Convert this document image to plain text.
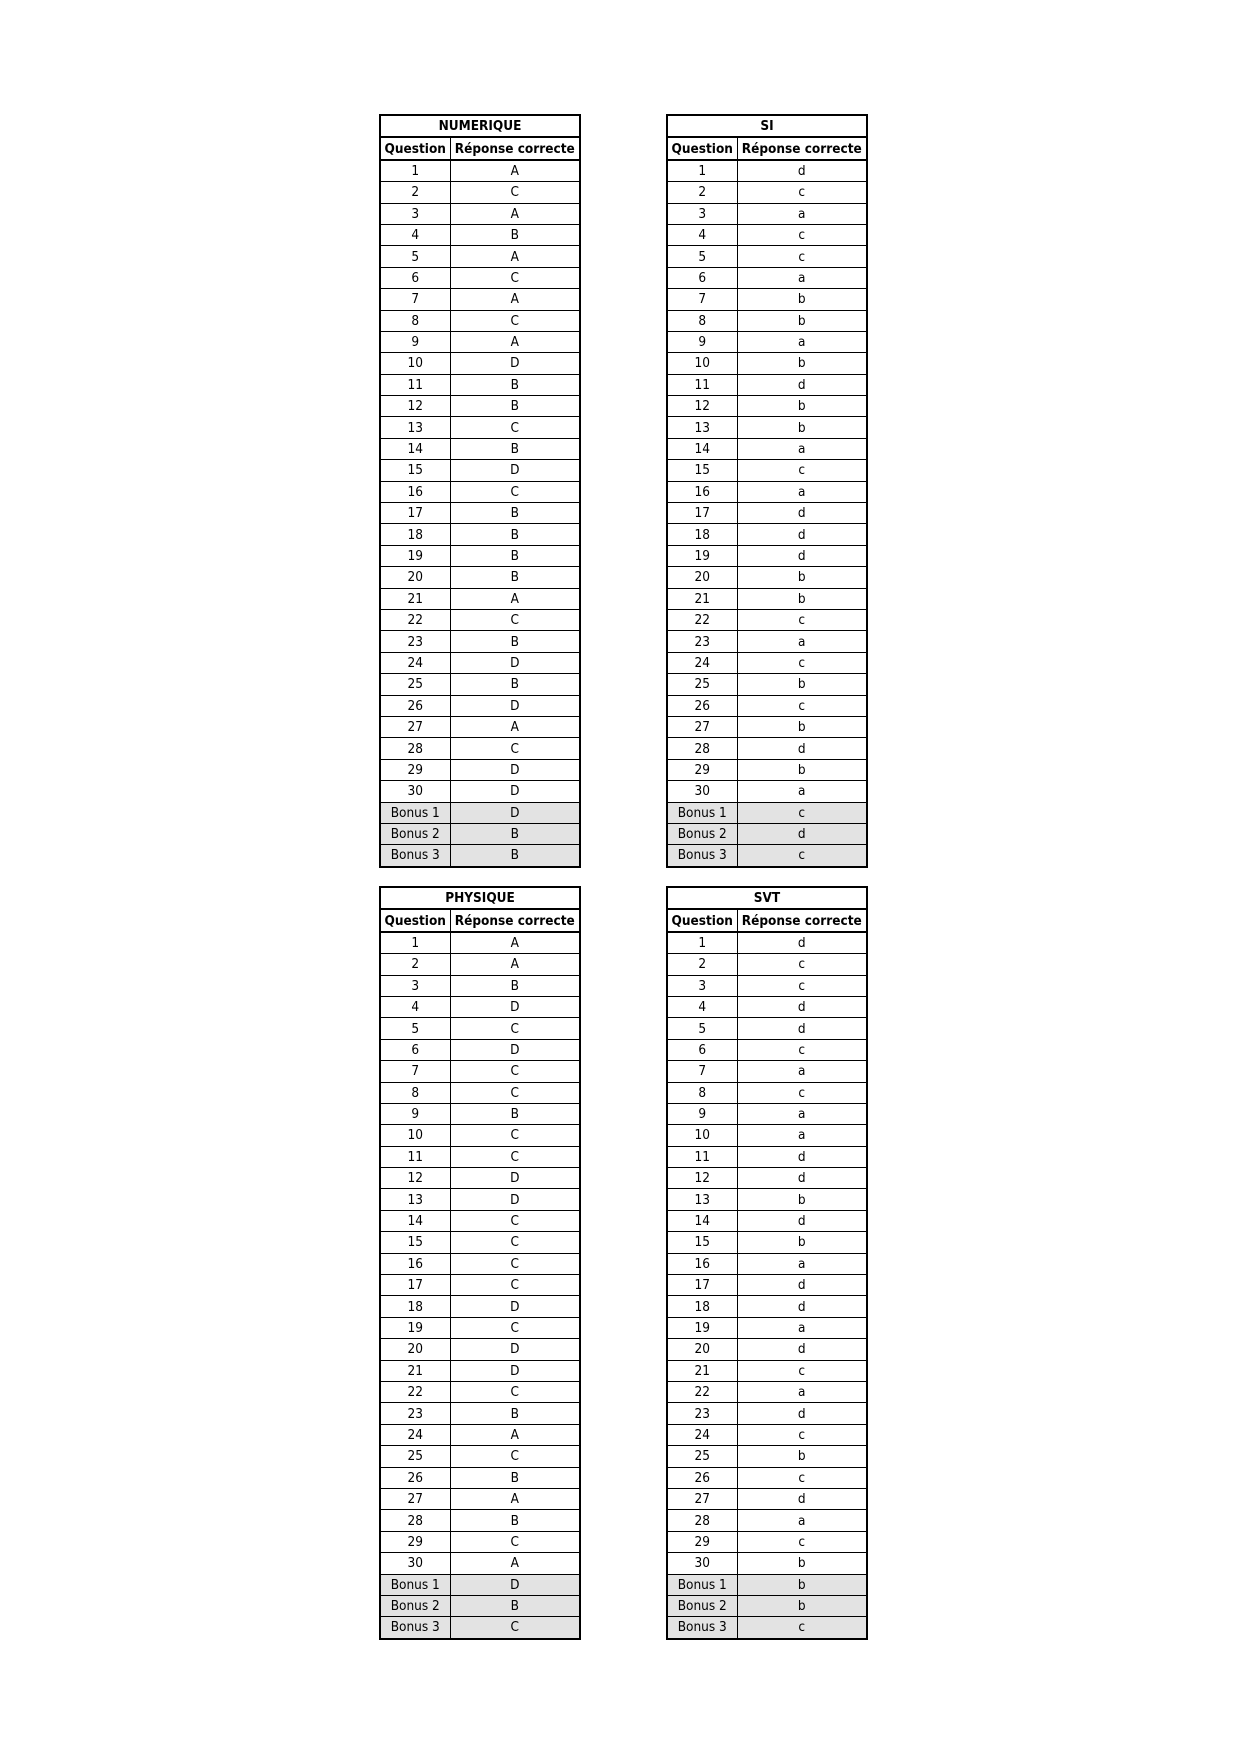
NUMERIQUE	
Question	Réponse correcte
1	A
2	C
3	A
4	B
5	A
6	C
7	A
8	C
9	A
10	D
11	B
12	B
13	C
14	B
15	D
16	C
17	B
18	B
19	B
20	B
21	A
22	C
23	B
24	D
25	B
26	D
27	A
28	C
29	D
30	D
Bonus 1	D
Bonus 2	B
Bonus 3	B
SI	
Question	Réponse correcte
1	d
2	c
3	a
4	c
5	c
6	a
7	b
8	b
9	a
10	b
11	d
12	b
13	b
14	a
15	c
16	a
17	d
18	d
19	d
20	b
21	b
22	c
23	a
24	c
25	b
26	c
27	b
28	d
29	b
30	a
Bonus 1	c
Bonus 2	d
Bonus 3	c
PHYSIQUE	
Question	Réponse correcte
1	A
2	A
3	B
4	D
5	C
6	D
7	C
8	C
9	B
10	C
11	C
12	D
13	D
14	C
15	C
16	C
17	C
18	D
19	C
20	D
21	D
22	C
23	B
24	A
25	C
26	B
27	A
28	B
29	C
30	A
Bonus 1	D
Bonus 2	B
Bonus 3	C
SVT	
Question	Réponse correcte
1	d
2	c
3	c
4	d
5	d
6	c
7	a
8	c
9	a
10	a
11	d
12	d
13	b
14	d
15	b
16	a
17	d
18	d
19	a
20	d
21	c
22	a
23	d
24	c
25	b
26	c
27	d
28	a
29	c
30	b
Bonus 1	b
Bonus 2	b
Bonus 3	c
